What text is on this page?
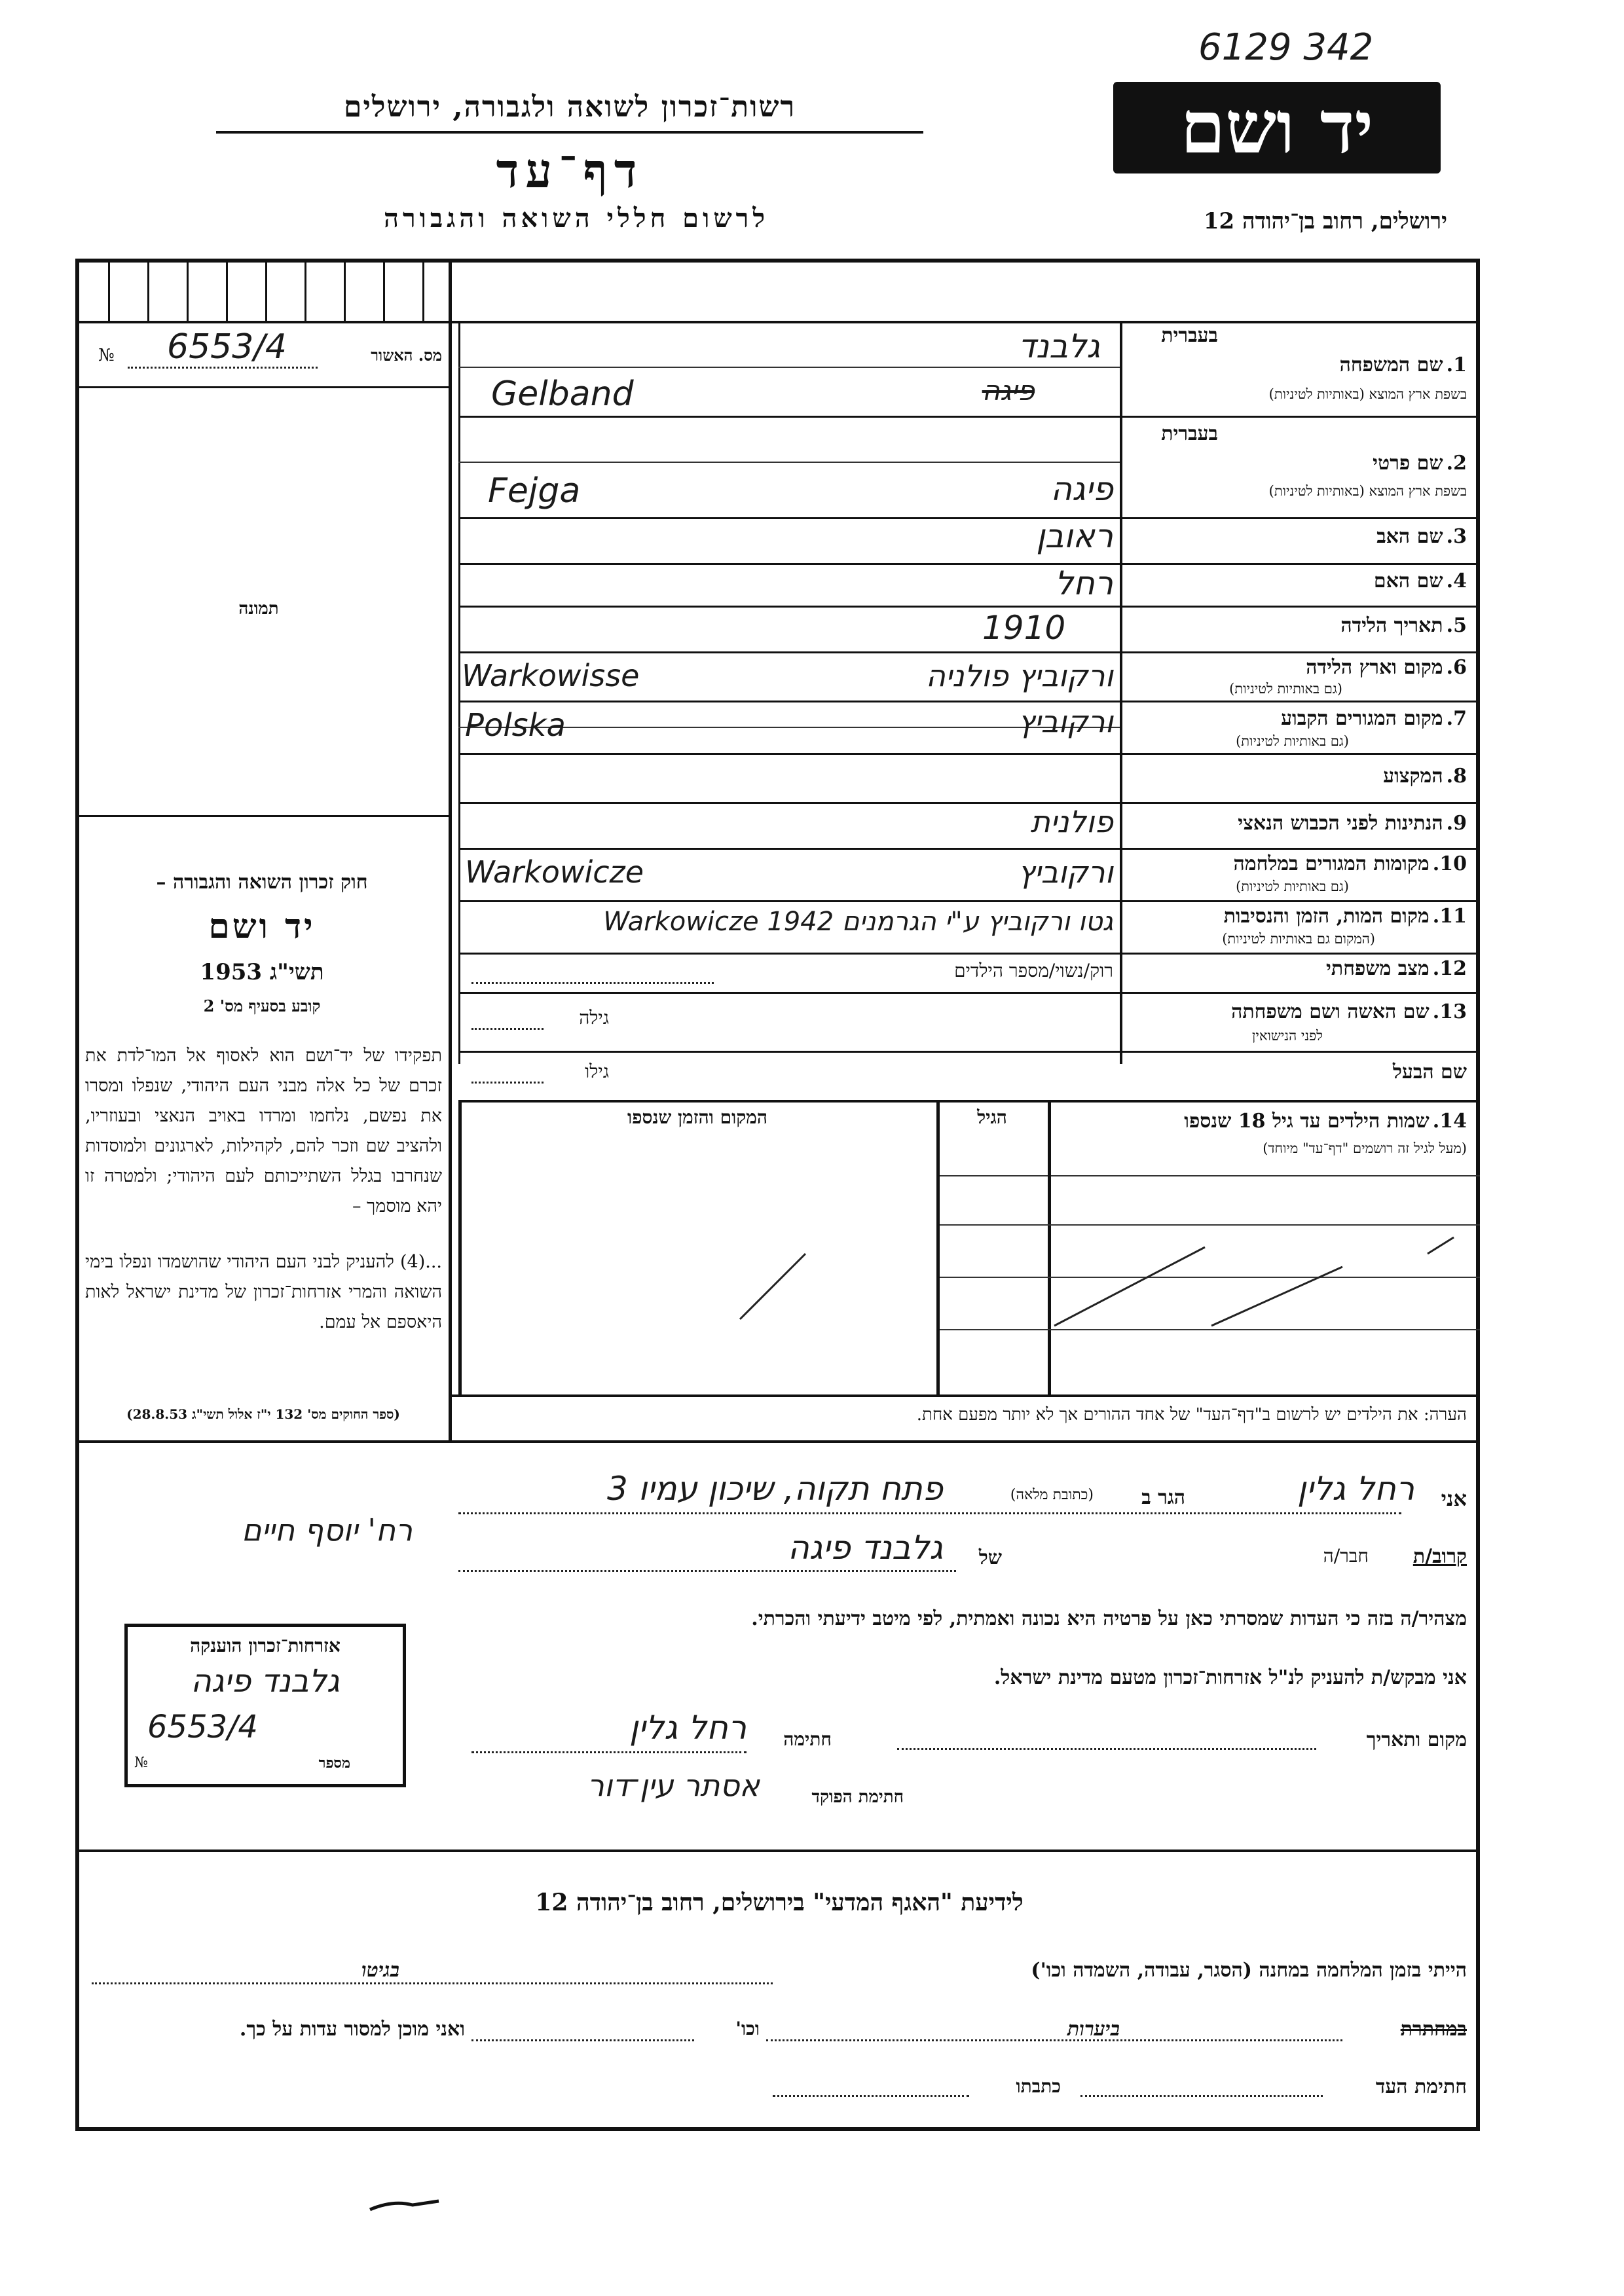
6129 342
יד ושם
רשות־זכרון לשואה ולגבורה, ירושלים
דף־עד
לרשום חללי השואה והגבורה	ירושלים, רחוב בן־יהודה 12
מס. האשור
№ 6553/4
תמונה
חוק זכרון השואה והגבורה –
יד ושם
תשי"ג 1953
קובע בסעיף מס' 2
תפקידו של יד־ושם הוא לאסוף אל המו־לדת את זכרם של כל אלה מבני העם היהודי, שנפלו ומסרו את נפשם, נלחמו ומרדו באויב הנאצי ובעוזריו, ולהציב שם וזכר להם, לקהילות, לארגונים ולמוסדות שנחרבו בגלל השתייכותם לעם היהודי; ולמטרה זו יהא מוסמך –
...(4) להעניק לבני העם היהודי שהושמדו ונפלו בימי השואה והמרי אזרחות־זכרון של מדינת ישראל לאות היאספם אל עמם.
(ספר החוקים מס' 132 י"ז אלול תשי"ג 28.8.53)
בעברית
1. שם המשפחה
בשפת ארץ המוצא (באותיות לטיניות)
גלבנד
Gelband	פיגה
בעברית
2. שם פרטי
בשפת ארץ המוצא (באותיות לטיניות)
Fejga	פיגה
3. שם האב
ראובן
4. שם האם
רחל
5. תאריך הלידה
1910
6. מקום וארץ הלידה
(גם באותיות לטיניות)
Warkowisse	ורקוביץ פולניה
7. מקום המגורים הקבוע
(גם באותיות לטיניות)
Polska	ורקוביץ
8. המקצוע
9. הנתינות לפני הכבוש הנאצי
פולנית
10. מקומות המגורים במלחמה
(גם באותיות לטיניות)
Warkowicze	ורקוביץ
11. מקום המות, הזמן והנסיבות
(המקום גם באותיות לטיניות)
גטו ורקוביץ ע"י הגרמנים Warkowicze 1942
12. מצב משפחתי
רוק/נשוי/מספר הילדים
13. שם האשה ושם משפחתה
לפני הנישואין
גילה
שם הבעל
גילו
14. שמות הילדים עד גיל 18 שנספו
(מעל לגיל זה רושמים "דף־עד" מיוחד)
הגיל
המקום והזמן שנספו
הערה: את הילדים יש לרשום ב"דף־העד" של אחד ההורים אך לא יותר מפעם אחת.
אני
רחל גלין
הגר ב
(כתובת מלאה)
פתח תקוה, שיכון עמיו 3
רח' יוסף חיים
קרוב/ת
חבר/ה
של
גלבנד פיגה
מצהיר/ה בזה כי העדות שמסרתי כאן על פרטיה היא נכונה ואמתית, לפי מיטב ידיעתי והכרתי.
אני מבקש/ת להעניק לנ"ל אזרחות־זכרון מטעם מדינת ישראל.
מקום ותאריך
חתימה
רחל גלין
חתימת הפוקד
אסתר עין־דור
אזרחות־זכרון הוענקה
גלבנד פיגה
6553/4
מספר
№
לידיעת "האגף המדעי" בירושלים, רחוב בן־יהודה 12
הייתי בזמן המלחמה במחנה (הסגר, עבודה, השמדה וכו')
בגיטו
במחתרת
ביערות
וכו'
ואני מוכן למסור עדות על כך.
חתימת העד
כתבתו
